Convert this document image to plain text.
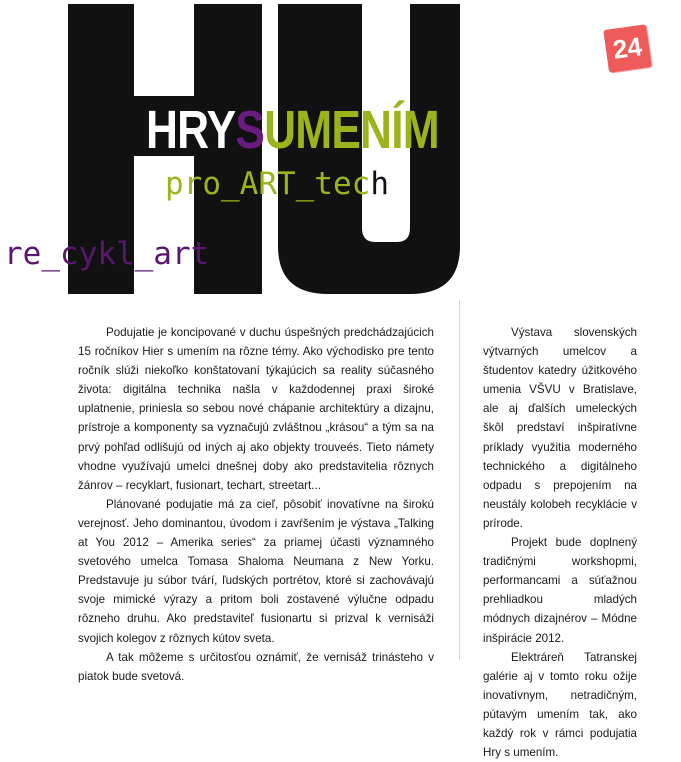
24
HRYSUMENÍM
pro_ART_tech
re_cykl_art

Podujatie je koncipované v duchu úspešných predchádzajúcich 15 ročníkov Hier s umením na rôzne témy. Ako východisko pre tento ročník slúži niekoľko konštatovaní týkajúcich sa reality súčasného života: digitálna technika našla v každodennej praxi široké uplatnenie, priniesla so sebou nové chápanie architektúry a dizajnu, prístroje a komponenty sa vyznačujú zvláštnou „krásou“ a tým sa na prvý pohľad odlišujú od iných aj ako objekty trouveés. Tieto námety vhodne využívajú umelci dnešnej doby ako predstavitelia rôznych žánrov – recyklart, fusionart, techart, streetart...

Plánované podujatie má za cieľ, pôsobiť inovatívne na širokú verejnosť. Jeho dominantou, úvodom i zavŕšením je výstava „Talking at You 2012 – Amerika series“ za priamej účasti významného svetového umelca Tomasa Shaloma Neumana z New Yorku. Predstavuje ju súbor tvárí, ľudských portrétov, ktoré si zachovávajú svoje mimické výrazy a pritom boli zostavené výlučne odpadu rôzneho druhu. Ako predstaviteľ fusionartu si prizval k vernisáži svojich kolegov z rôznych kútov sveta.

A tak môžeme s určitosťou oznámiť, že vernisáž trinásteho v piatok bude svetová.

Výstava slovenských výtvarných umelcov a študentov katedry úžitkového umenia VŠVU v Bratislave, ale aj ďalších umeleckých škôl predstaví inšpiratívne príklady využitia moderného technického a digitálneho odpadu s prepojením na neustály kolobeh recyklácie v prírode.

Projekt bude doplnený tradičnými workshopmi, performancami a súťažnou prehliadkou mladých módnych dizajnérov – Módne inšpirácie 2012.

Elektráreň Tatranskej galérie aj v tomto roku ožije inovatívnym, netradičným, pútavým umením tak, ako každý rok v rámci podujatia Hry s umením.
